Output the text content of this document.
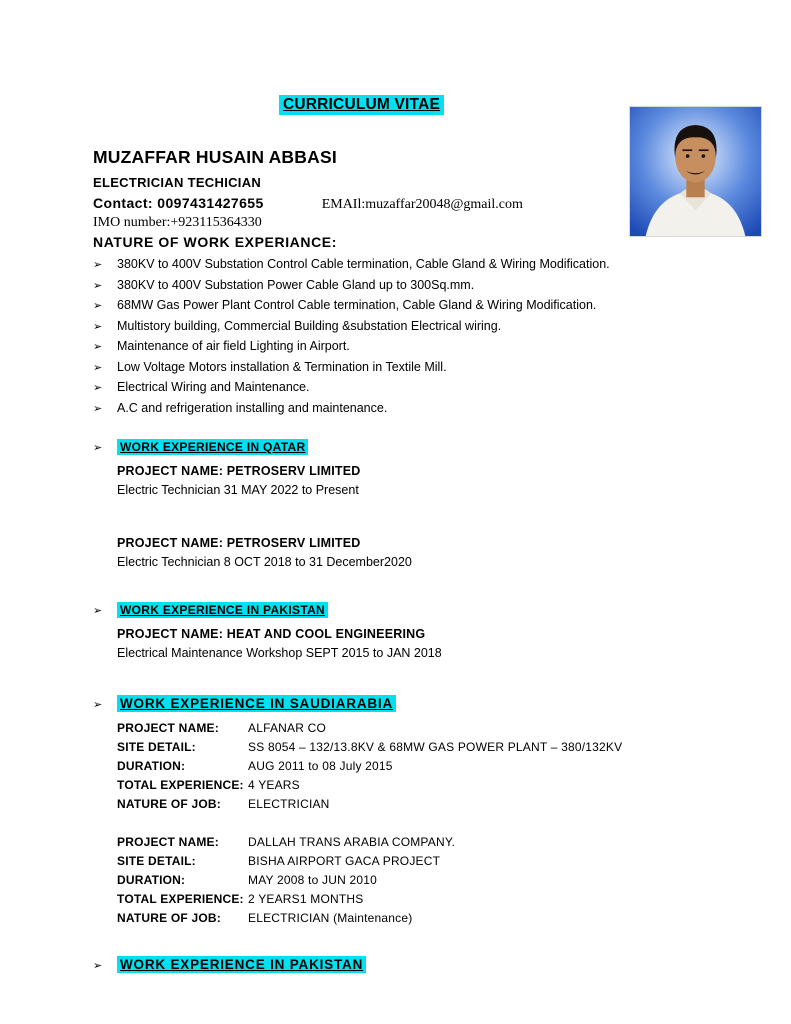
CURRICULUM VITAE
MUZAFFAR HUSAIN ABBASI
ELECTRICIAN TECHICIAN
Contact: 0097431427655	EMAIl:muzaffar20048@gmail.com
IMO number:+923115364330
NATURE OF WORK EXPERIANCE:
➢	380KV to 400V Substation Control Cable termination, Cable Gland & Wiring Modification.
➢	380KV to 400V Substation Power Cable Gland up to 300Sq.mm.
➢	68MW Gas Power Plant Control Cable termination, Cable Gland & Wiring Modification.
➢	Multistory building, Commercial Building &substation Electrical wiring.
➢	Maintenance of air field Lighting in Airport.
➢	Low Voltage Motors installation & Termination in Textile Mill.
➢	Electrical Wiring and Maintenance.
➢	A.C and refrigeration installing and maintenance.
➢	WORK EXPERIENCE IN QATAR
PROJECT NAME: PETROSERV LIMITED
Electric Technician 31 MAY 2022 to Present
PROJECT NAME: PETROSERV LIMITED
Electric Technician 8 OCT 2018 to 31 December2020
➢	WORK EXPERIENCE IN PAKISTAN
PROJECT NAME: HEAT AND COOL ENGINEERING
Electrical Maintenance Workshop SEPT 2015 to JAN 2018
➢	WORK EXPERIENCE IN SAUDIARABIA
PROJECT NAME:	ALFANAR CO
SITE DETAIL:	SS 8054 – 132/13.8KV & 68MW GAS POWER PLANT – 380/132KV
DURATION:	AUG 2011 to 08 July 2015
TOTAL EXPERIENCE: 4 YEARS
NATURE OF JOB:	ELECTRICIAN
PROJECT NAME:	DALLAH TRANS ARABIA COMPANY.
SITE DETAIL:	BISHA AIRPORT GACA PROJECT
DURATION:	MAY 2008 to JUN 2010
TOTAL EXPERIENCE: 2 YEARS1 MONTHS
NATURE OF JOB:	ELECTRICIAN (Maintenance)
➢	WORK EXPERIENCE IN PAKISTAN
